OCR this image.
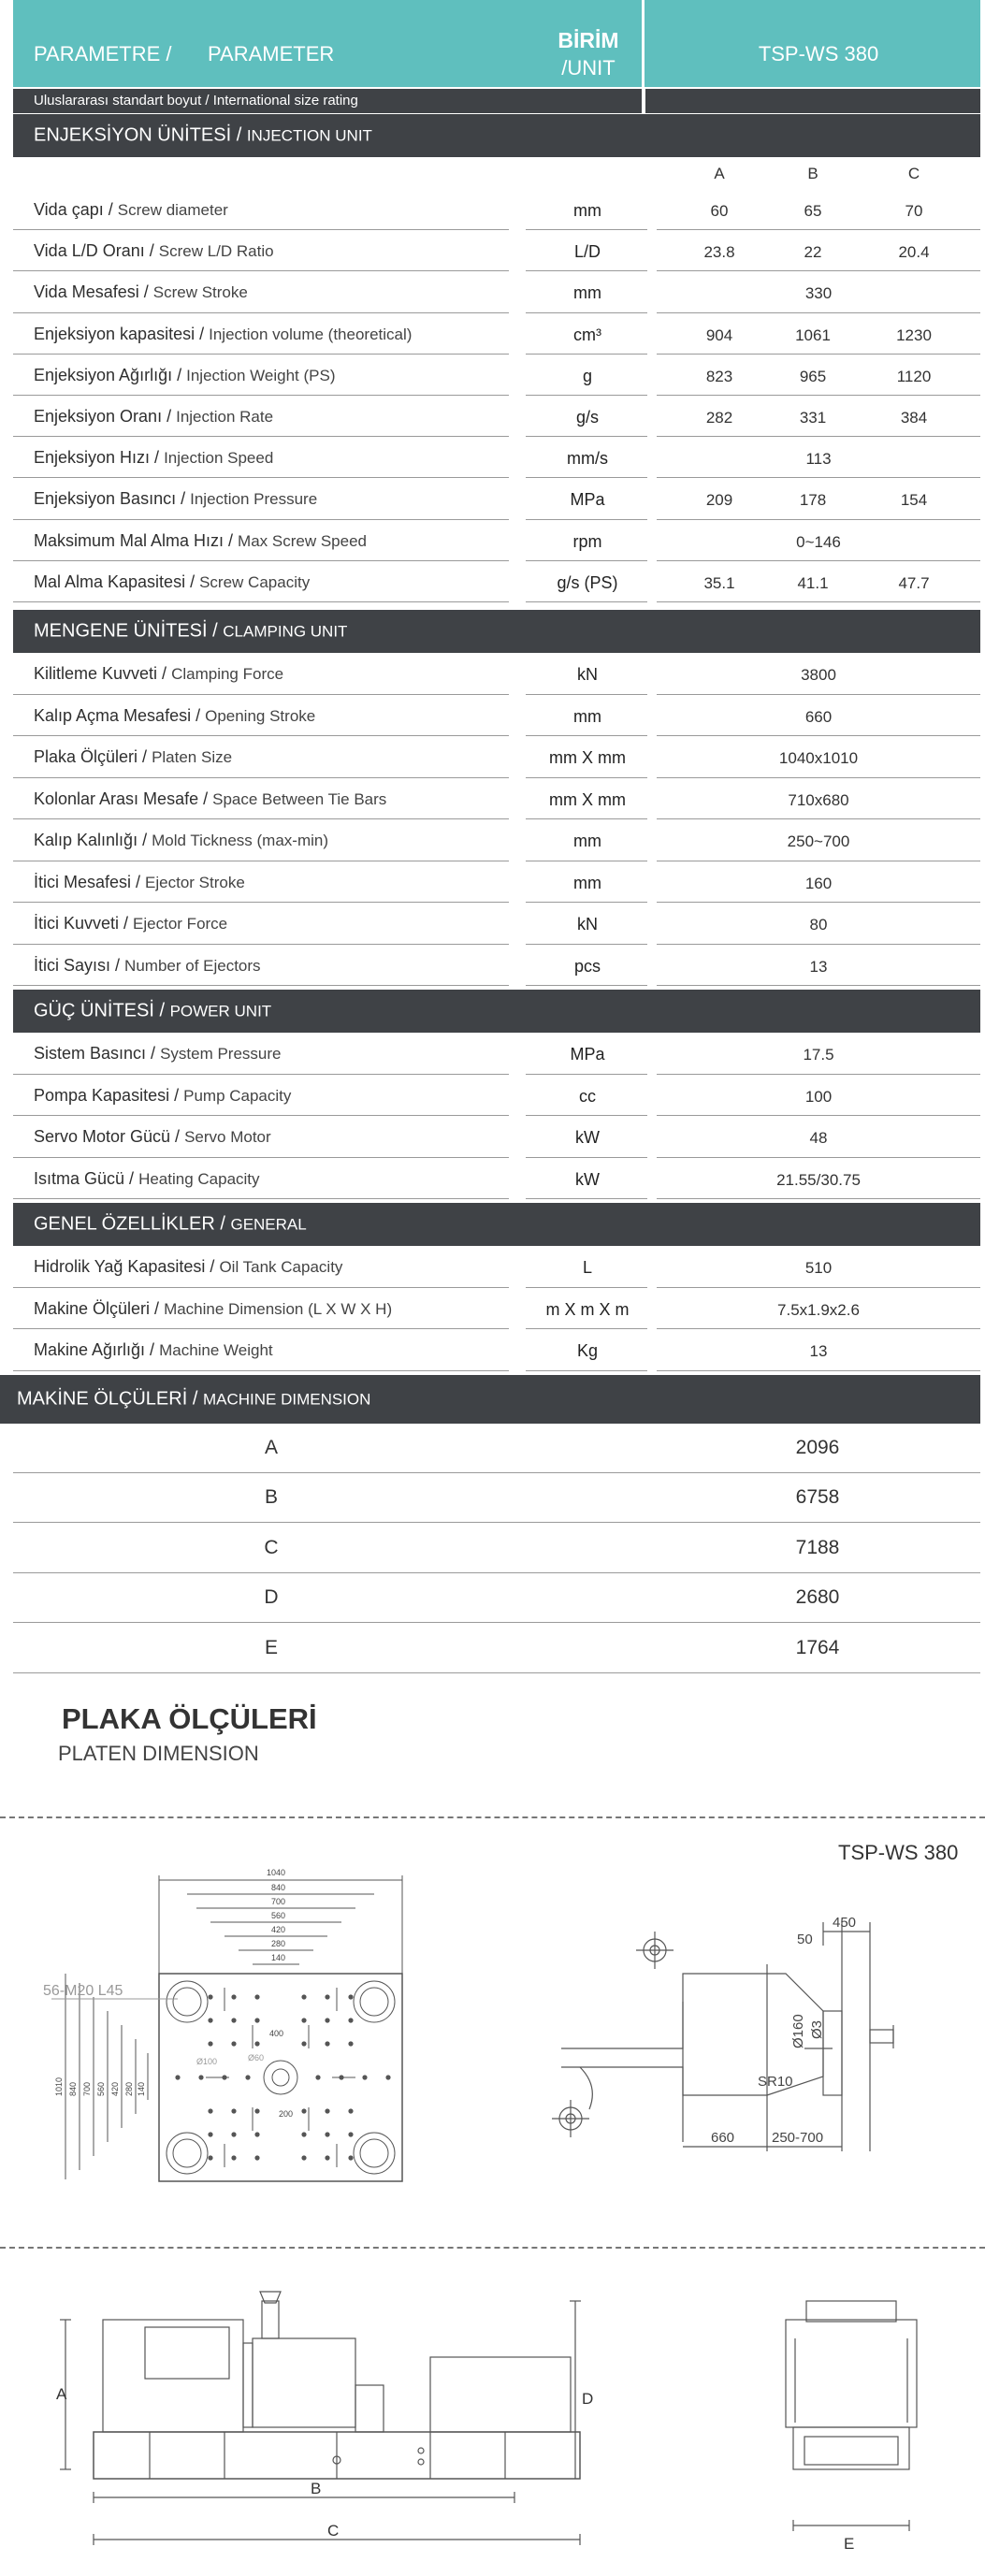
PARAMETRE / PARAMETER
BİRİM
/UNIT
TSP-WS 380
Uluslararası standart boyut / International size rating
ENJEKSİYON ÜNİTESİ / INJECTION UNIT
A	B	C
Vida çapı / Screw diameter	mm	60	65	70
Vida L/D Oranı / Screw L/D Ratio	L/D	23.8	22	20.4
Vida Mesafesi / Screw Stroke	mm	330
Enjeksiyon kapasitesi / Injection volume (theoretical)	cm³	904	1061	1230
Enjeksiyon Ağırlığı / Injection Weight (PS)	g	823	965	1120
Enjeksiyon Oranı / Injection Rate	g/s	282	331	384
Enjeksiyon Hızı / Injection Speed	mm/s	113
Enjeksiyon Basıncı / Injection Pressure	MPa	209	178	154
Maksimum Mal Alma Hızı / Max Screw Speed	rpm	0~146
Mal Alma Kapasitesi / Screw Capacity	g/s (PS)	35.1	41.1	47.7
MENGENE ÜNİTESİ / CLAMPING UNIT
Kilitleme Kuvveti / Clamping Force	kN	3800
Kalıp Açma Mesafesi / Opening Stroke	mm	660
Plaka Ölçüleri / Platen Size	mm X mm	1040x1010
Kolonlar Arası Mesafe / Space Between Tie Bars	mm X mm	710x680
Kalıp Kalınlığı / Mold Tickness (max-min)	mm	250~700
İtici Mesafesi / Ejector Stroke	mm	160
İtici Kuvveti / Ejector Force	kN	80
İtici Sayısı / Number of Ejectors	pcs	13
GÜÇ ÜNİTESİ / POWER UNIT
Sistem Basıncı / System Pressure	MPa	17.5
Pompa Kapasitesi / Pump Capacity	cc	100
Servo Motor Gücü / Servo Motor	kW	48
Isıtma Gücü / Heating Capacity	kW	21.55/30.75
GENEL ÖZELLİKLER / GENERAL
Hidrolik Yağ Kapasitesi / Oil Tank Capacity	L	510
Makine Ölçüleri / Machine Dimension (L X W X H)	m X m X m	7.5x1.9x2.6
Makine Ağırlığı / Machine Weight	Kg	13
MAKİNE ÖLÇÜLERİ / MACHINE DIMENSION
A	2096
B	6758
C	7188
D	2680
E	1764
PLAKA ÖLÇÜLERİ
PLATEN DIMENSION
TSP-WS 380
1040
840
700
560
420
280
140
1010 840 700 560 420 280 140
400
Ø60
200
Ø100
56-M20 L45
450
50
Ø160 Ø3
SR10
660	250-700
A
B
C
D
E
